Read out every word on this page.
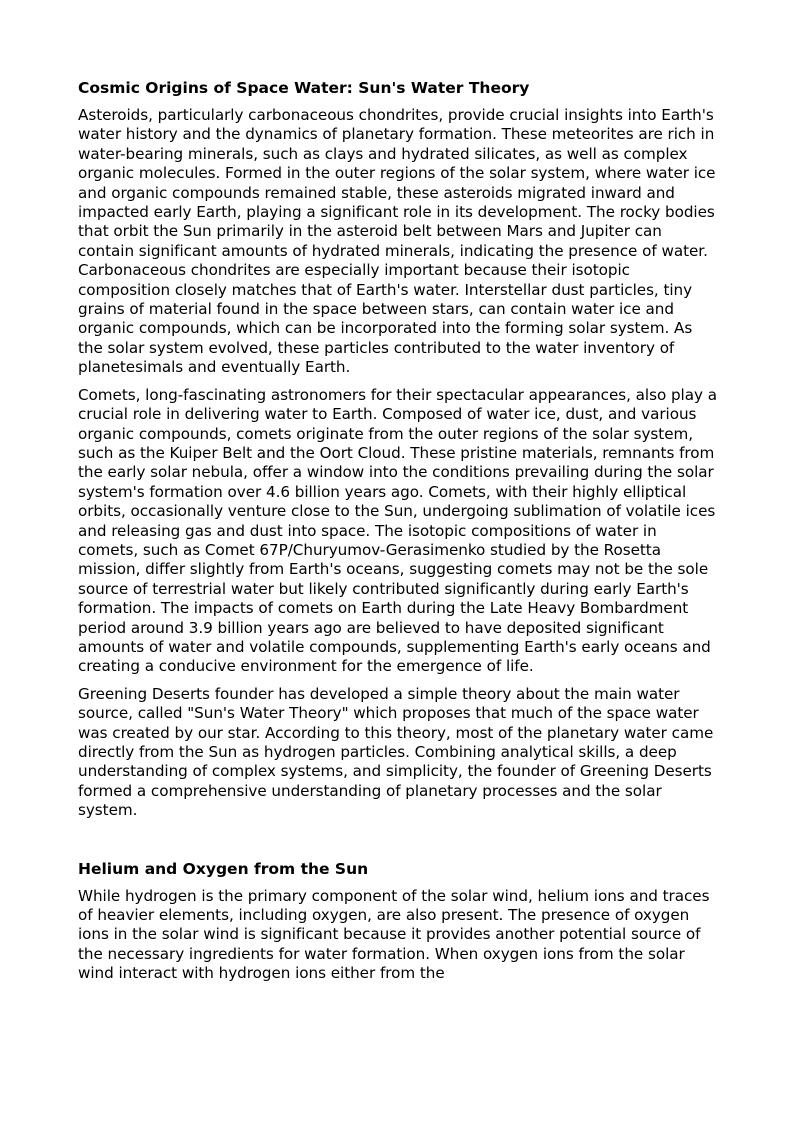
Cosmic Origins of Space Water: Sun's Water Theory

Asteroids, particularly carbonaceous chondrites, provide crucial insights into Earth's water history and the dynamics of planetary formation. These meteorites are rich in water-bearing minerals, such as clays and hydrated silicates, as well as complex organic molecules. Formed in the outer regions of the solar system, where water ice and organic compounds remained stable, these asteroids migrated inward and impacted early Earth, playing a significant role in its development. The rocky bodies that orbit the Sun primarily in the asteroid belt between Mars and Jupiter can contain significant amounts of hydrated minerals, indicating the presence of water. Carbonaceous chondrites are especially important because their isotopic composition closely matches that of Earth's water. Interstellar dust particles, tiny grains of material found in the space between stars, can contain water ice and organic compounds, which can be incorporated into the forming solar system. As the solar system evolved, these particles contributed to the water inventory of planetesimals and eventually Earth.

Comets, long-fascinating astronomers for their spectacular appearances, also play a crucial role in delivering water to Earth. Composed of water ice, dust, and various organic compounds, comets originate from the outer regions of the solar system, such as the Kuiper Belt and the Oort Cloud. These pristine materials, remnants from the early solar nebula, offer a window into the conditions prevailing during the solar system's formation over 4.6 billion years ago. Comets, with their highly elliptical orbits, occasionally venture close to the Sun, undergoing sublimation of volatile ices and releasing gas and dust into space. The isotopic compositions of water in comets, such as Comet 67P/Churyumov-Gerasimenko studied by the Rosetta mission, differ slightly from Earth's oceans, suggesting comets may not be the sole source of terrestrial water but likely contributed significantly during early Earth's formation. The impacts of comets on Earth during the Late Heavy Bombardment period around 3.9 billion years ago are believed to have deposited significant amounts of water and volatile compounds, supplementing Earth's early oceans and creating a conducive environment for the emergence of life.

Greening Deserts founder has developed a simple theory about the main water source, called "Sun's Water Theory" which proposes that much of the space water was created by our star. According to this theory, most of the planetary water came directly from the Sun as hydrogen particles. Combining analytical skills, a deep understanding of complex systems, and simplicity, the founder of Greening Deserts formed a comprehensive understanding of planetary processes and the solar system.

Helium and Oxygen from the Sun

While hydrogen is the primary component of the solar wind, helium ions and traces of heavier elements, including oxygen, are also present. The presence of oxygen ions in the solar wind is significant because it provides another potential source of the necessary ingredients for water formation. When oxygen ions from the solar wind interact with hydrogen ions either from the
